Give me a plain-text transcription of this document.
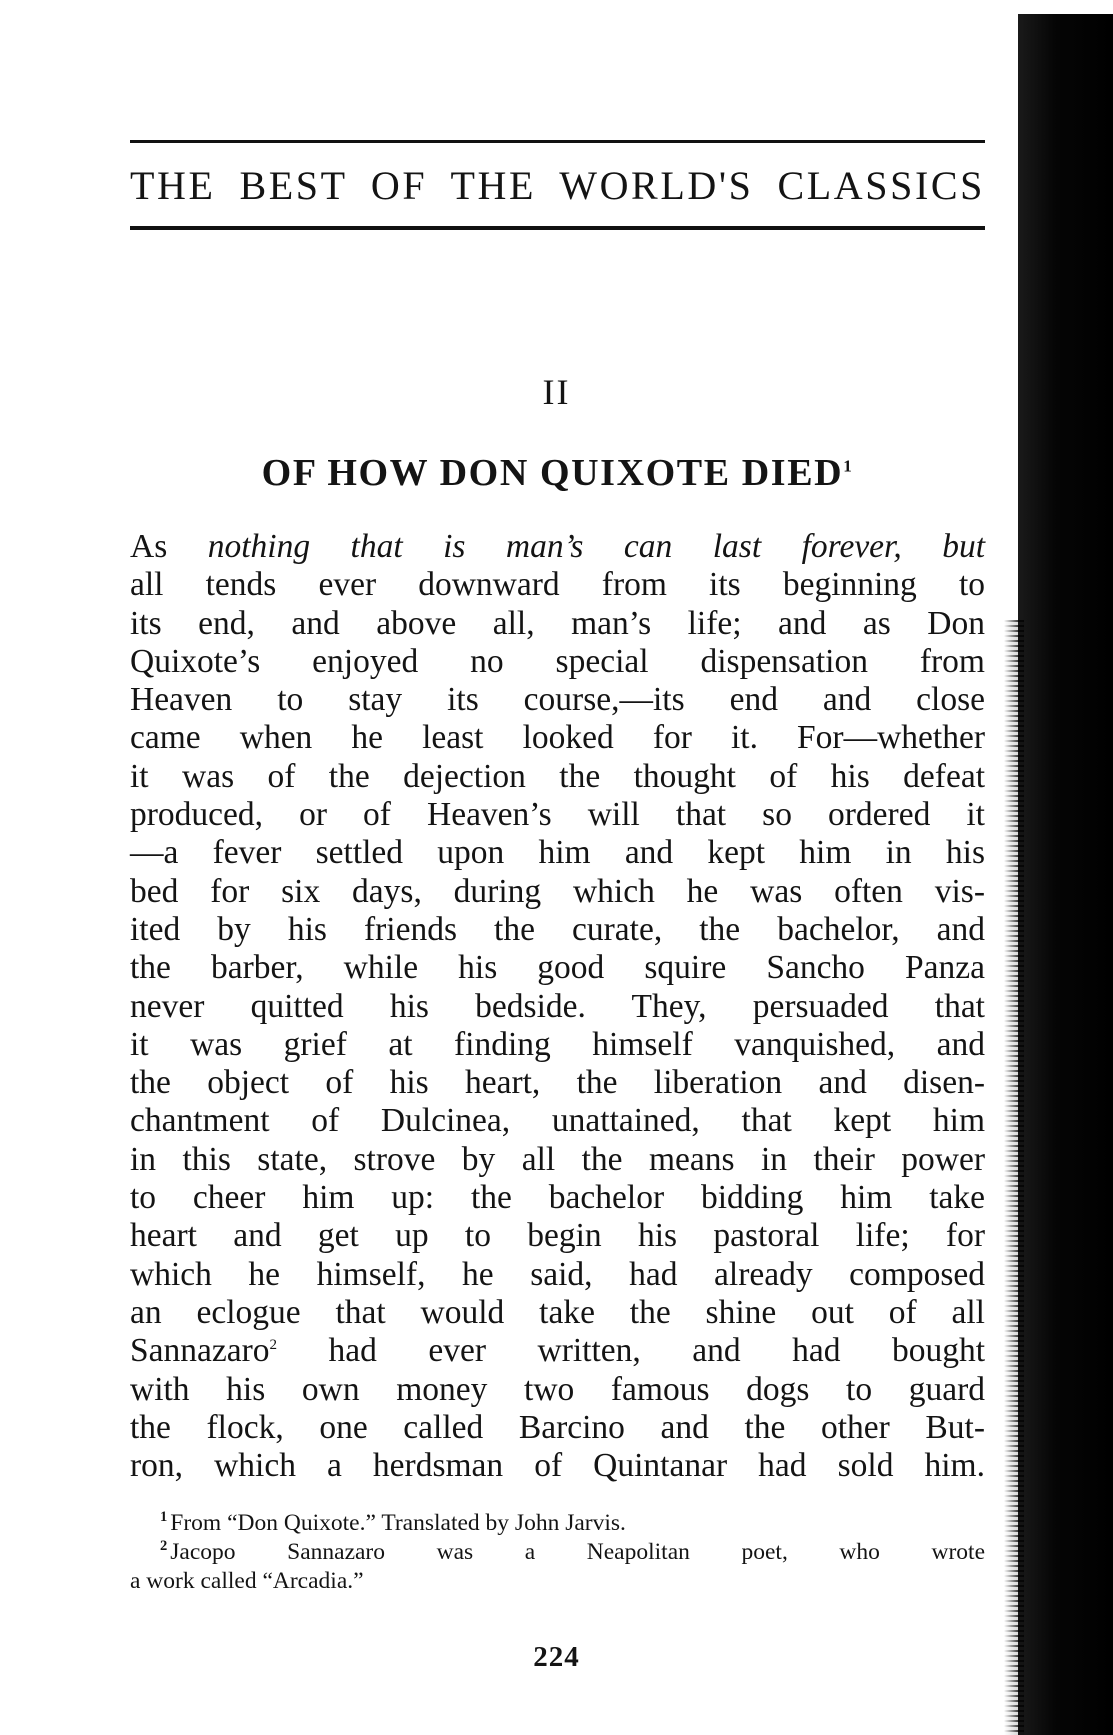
THE BEST OF THE WORLD'S CLASSICS
II
OF HOW DON QUIXOTE DIED$^1$
As nothing that is man’s can last forever, but
all tends ever downward from its beginning to
its end, and above all, man’s life; and as Don
Quixote’s enjoyed no special dispensation from
Heaven to stay its course,—its end and close
came when he least looked for it. For—whether
it was of the dejection the thought of his defeat
produced, or of Heaven’s will that so ordered it
—a fever settled upon him and kept him in his
bed for six days, during which he was often vis-
ited by his friends the curate, the bachelor, and
the barber, while his good squire Sancho Panza
never quitted his bedside. They, persuaded that
it was grief at finding himself vanquished, and
the object of his heart, the liberation and disen-
chantment of Dulcinea, unattained, that kept him
in this state, strove by all the means in their power
to cheer him up: the bachelor bidding him take
heart and get up to begin his pastoral life; for
which he himself, he said, had already composed
an eclogue that would take the shine out of all
Sannazaro$^2$ had ever written, and had bought
with his own money two famous dogs to guard
the flock, one called Barcino and the other But-
ron, which a herdsman of Quintanar had sold him.
$^1$ From “Don Quixote.” Translated by John Jarvis.
$^2$ Jacopo Sannazaro was a Neapolitan poet, who wrote
a work called “Arcadia.”
224
